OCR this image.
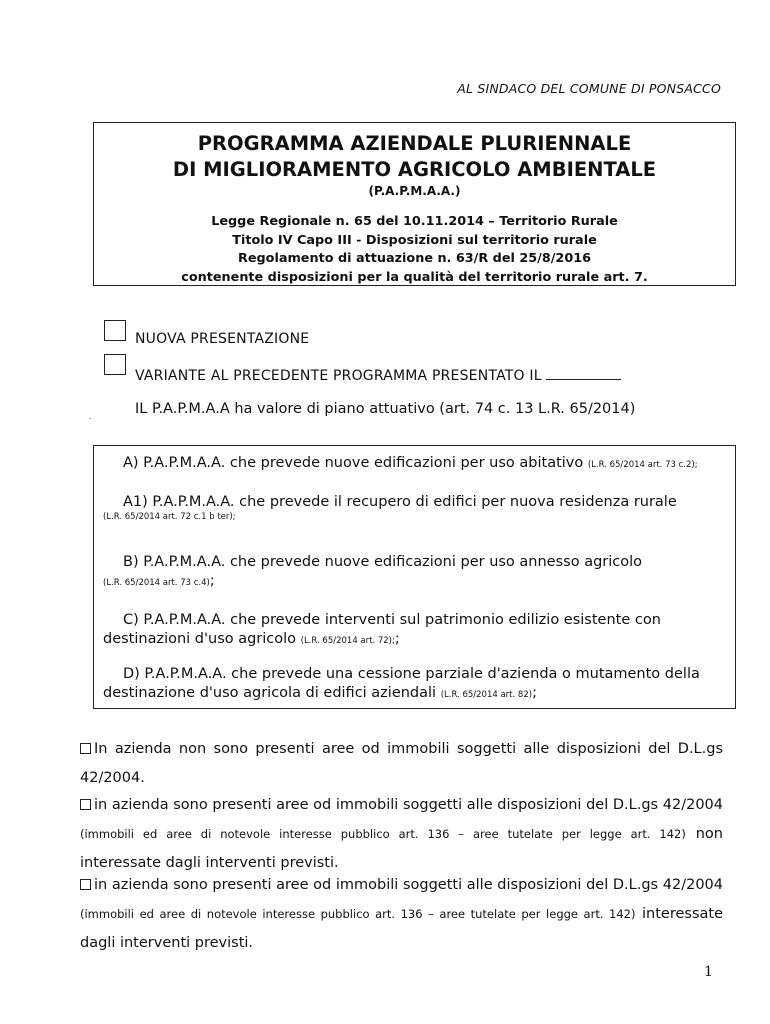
AL SINDACO DEL COMUNE DI PONSACCO
PROGRAMMA AZIENDALE PLURIENNALE
DI MIGLIORAMENTO AGRICOLO AMBIENTALE
(P.A.P.M.A.A.)
Legge Regionale n. 65 del 10.11.2014 – Territorio Rurale
Titolo IV Capo III - Disposizioni sul territorio rurale
Regolamento di attuazione n. 63/R del 25/8/2016
contenente disposizioni per la qualità del territorio rurale art. 7.
NUOVA PRESENTAZIONE
VARIANTE AL PRECEDENTE PROGRAMMA PRESENTATO IL
.	IL P.A.P.M.A.A ha valore di piano attuativo (art. 74 c. 13 L.R. 65/2014)
A) P.A.P.M.A.A. che prevede nuove edificazioni per uso abitativo (L.R. 65/2014 art. 73 c.2);
A1) P.A.P.M.A.A. che prevede il recupero di edifici per nuova residenza rurale
(L.R. 65/2014 art. 72 c.1 b ter);
B) P.A.P.M.A.A. che prevede nuove edificazioni per uso annesso agricolo
(L.R. 65/2014 art. 73 c.4);
C) P.A.P.M.A.A. che prevede interventi sul patrimonio edilizio esistente con destinazioni d'uso agricolo (L.R. 65/2014 art. 72);;
D) P.A.P.M.A.A. che prevede una cessione parziale d'azienda o mutamento della destinazione d'uso agricola di edifici aziendali (L.R. 65/2014 art. 82);
In azienda non sono presenti aree od immobili soggetti alle disposizioni del D.L.gs 42/2004.
in azienda sono presenti aree od immobili soggetti alle disposizioni del D.L.gs 42/2004 (immobili ed aree di notevole interesse pubblico art. 136 – aree tutelate per legge art. 142) non interessate dagli interventi previsti.
in azienda sono presenti aree od immobili soggetti alle disposizioni del D.L.gs 42/2004 (immobili ed aree di notevole interesse pubblico art. 136 – aree tutelate per legge art. 142) interessate dagli interventi previsti.
1
